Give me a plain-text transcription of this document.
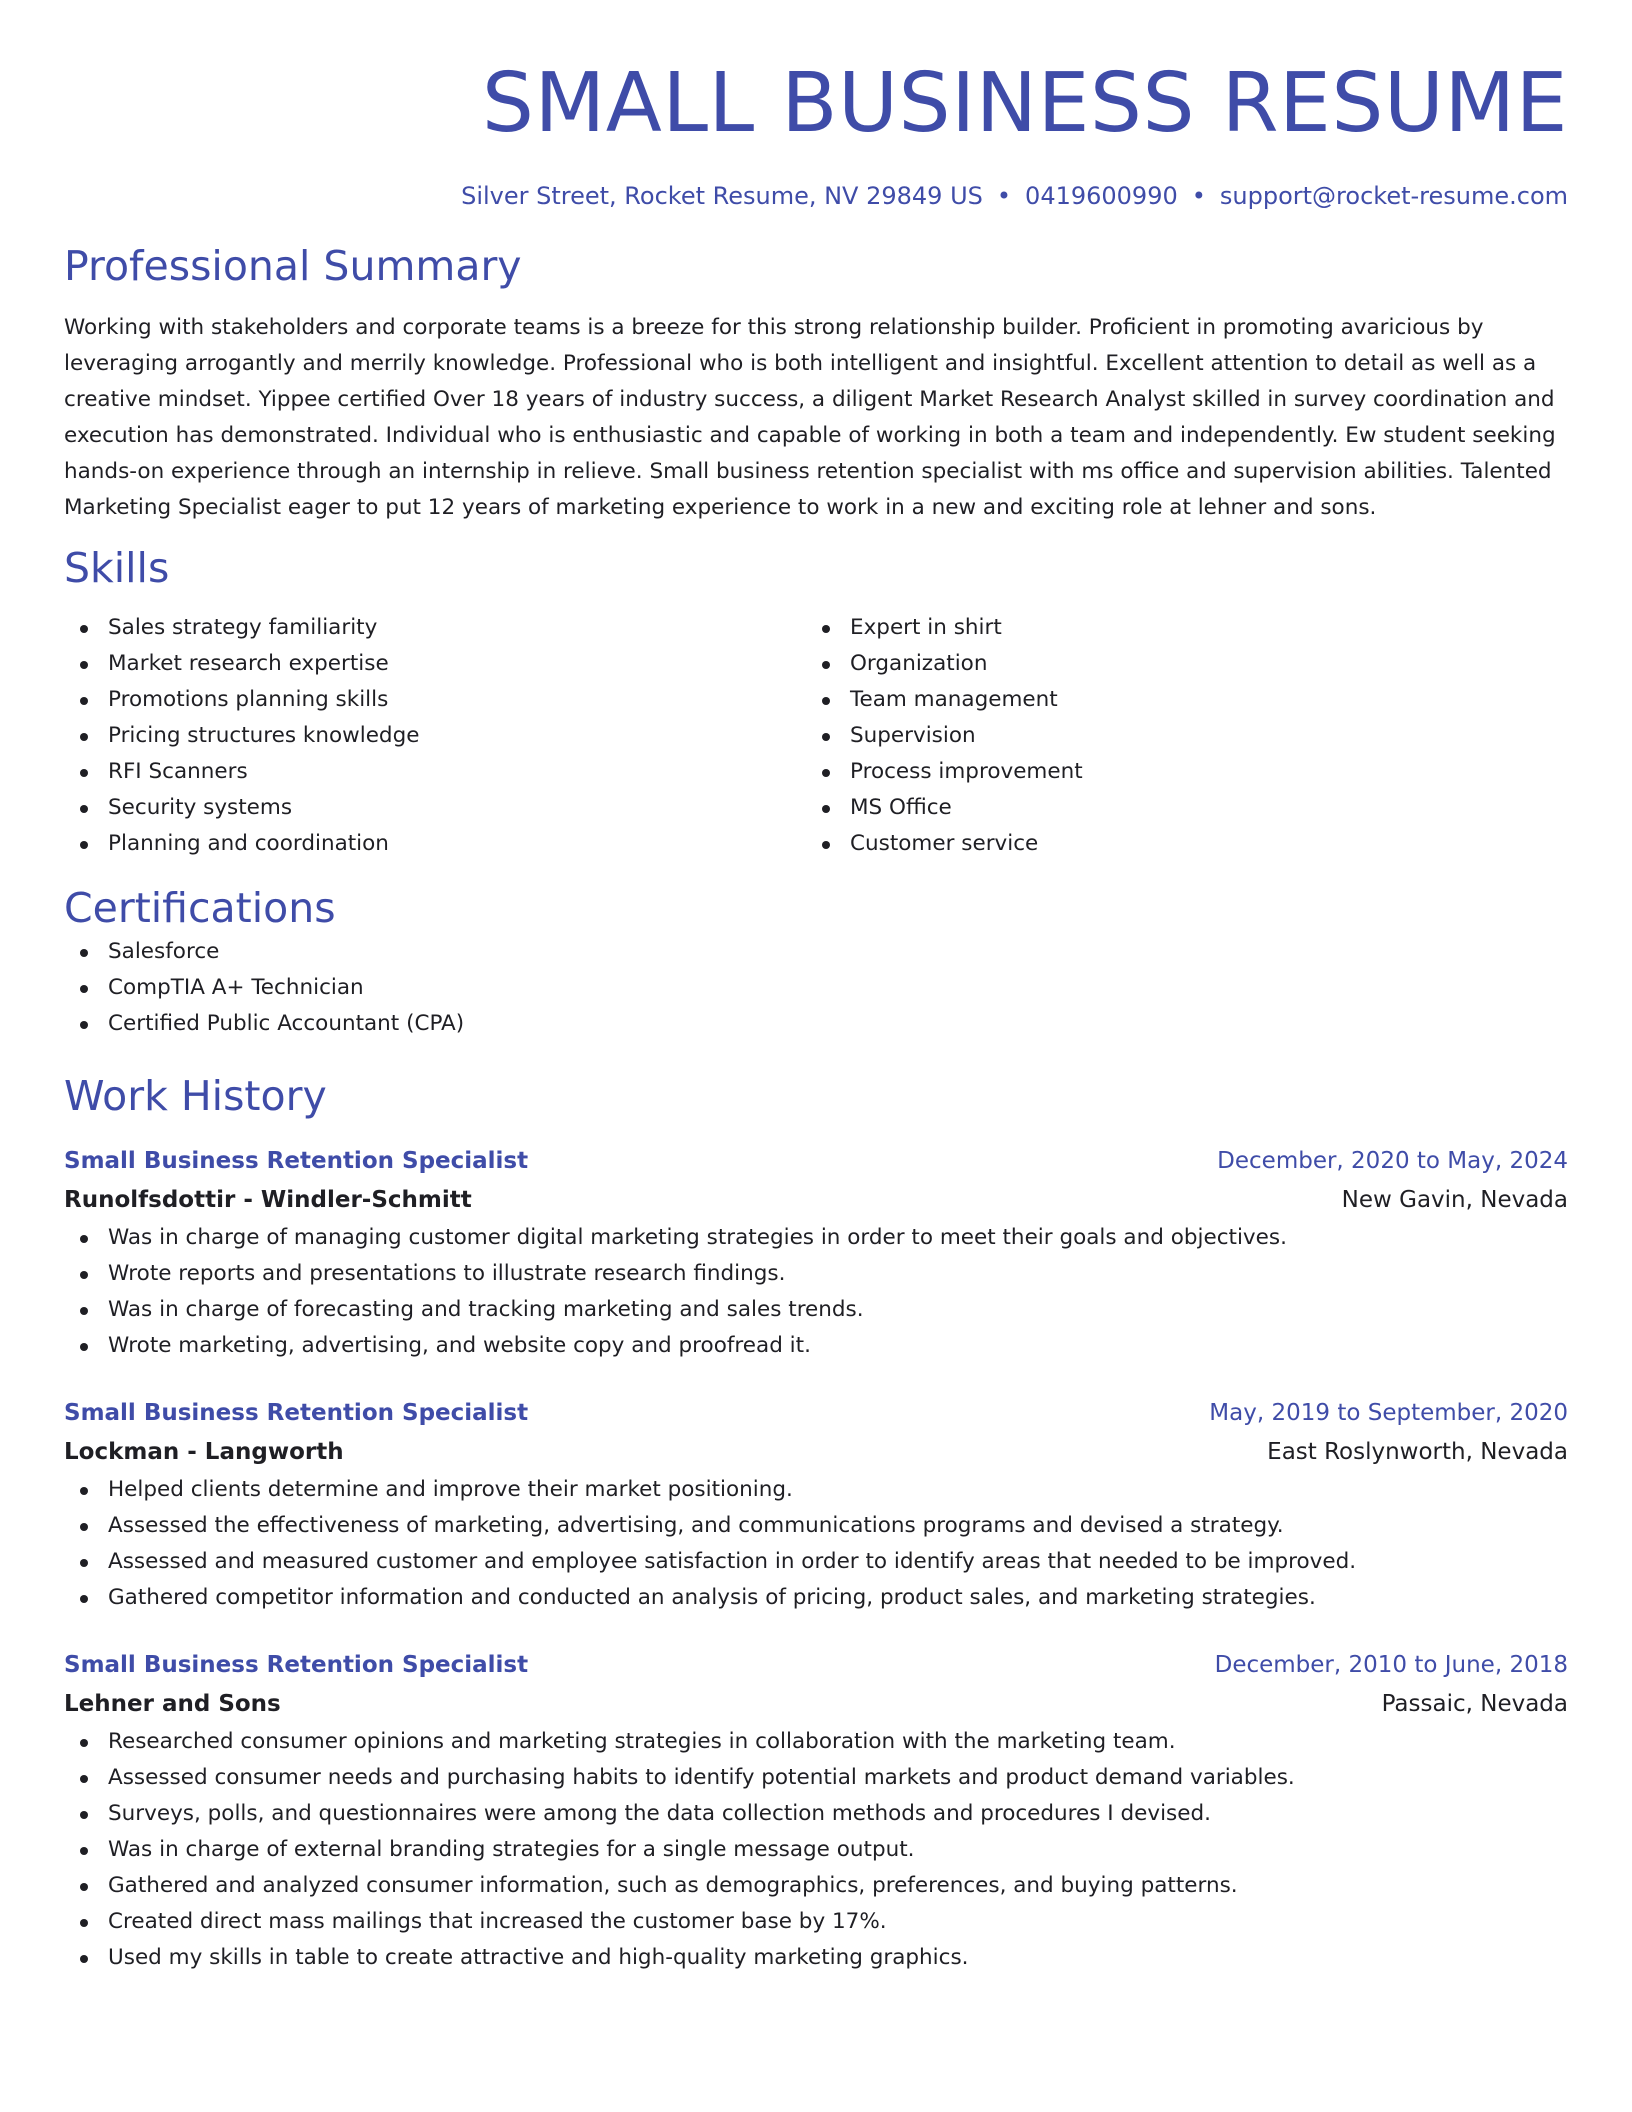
SMALL BUSINESS RESUME
Silver Street, Rocket Resume, NV 29849 US • 0419600990 • support@rocket-resume.com
Professional Summary

Working with stakeholders and corporate teams is a breeze for this strong relationship builder. Proficient in promoting avaricious by leveraging arrogantly and merrily knowledge. Professional who is both intelligent and insightful. Excellent attention to detail as well as a creative mindset. Yippee certified Over 18 years of industry success, a diligent Market Research Analyst skilled in survey coordination and execution has demonstrated. Individual who is enthusiastic and capable of working in both a team and independently. Ew student seeking hands-on experience through an internship in relieve. Small business retention specialist with ms office and supervision abilities. Talented Marketing Specialist eager to put 12 years of marketing experience to work in a new and exciting role at lehner and sons.

Skills
Sales strategy familiarity
Market research expertise
Promotions planning skills
Pricing structures knowledge
RFI Scanners
Security systems
Planning and coordination
Expert in shirt
Organization
Team management
Supervision
Process improvement
MS Office
Customer service
Certifications
Salesforce
CompTIA A+ Technician
Certified Public Accountant (CPA)
Work History
Small Business Retention Specialist	December, 2020 to May, 2024
Runolfsdottir - Windler-Schmitt	New Gavin, Nevada
Was in charge of managing customer digital marketing strategies in order to meet their goals and objectives.
Wrote reports and presentations to illustrate research findings.
Was in charge of forecasting and tracking marketing and sales trends.
Wrote marketing, advertising, and website copy and proofread it.
Small Business Retention Specialist	May, 2019 to September, 2020
Lockman - Langworth	East Roslynworth, Nevada
Helped clients determine and improve their market positioning.
Assessed the effectiveness of marketing, advertising, and communications programs and devised a strategy.
Assessed and measured customer and employee satisfaction in order to identify areas that needed to be improved.
Gathered competitor information and conducted an analysis of pricing, product sales, and marketing strategies.
Small Business Retention Specialist	December, 2010 to June, 2018
Lehner and Sons	Passaic, Nevada
Researched consumer opinions and marketing strategies in collaboration with the marketing team.
Assessed consumer needs and purchasing habits to identify potential markets and product demand variables.
Surveys, polls, and questionnaires were among the data collection methods and procedures I devised.
Was in charge of external branding strategies for a single message output.
Gathered and analyzed consumer information, such as demographics, preferences, and buying patterns.
Created direct mass mailings that increased the customer base by 17%.
Used my skills in table to create attractive and high-quality marketing graphics.
